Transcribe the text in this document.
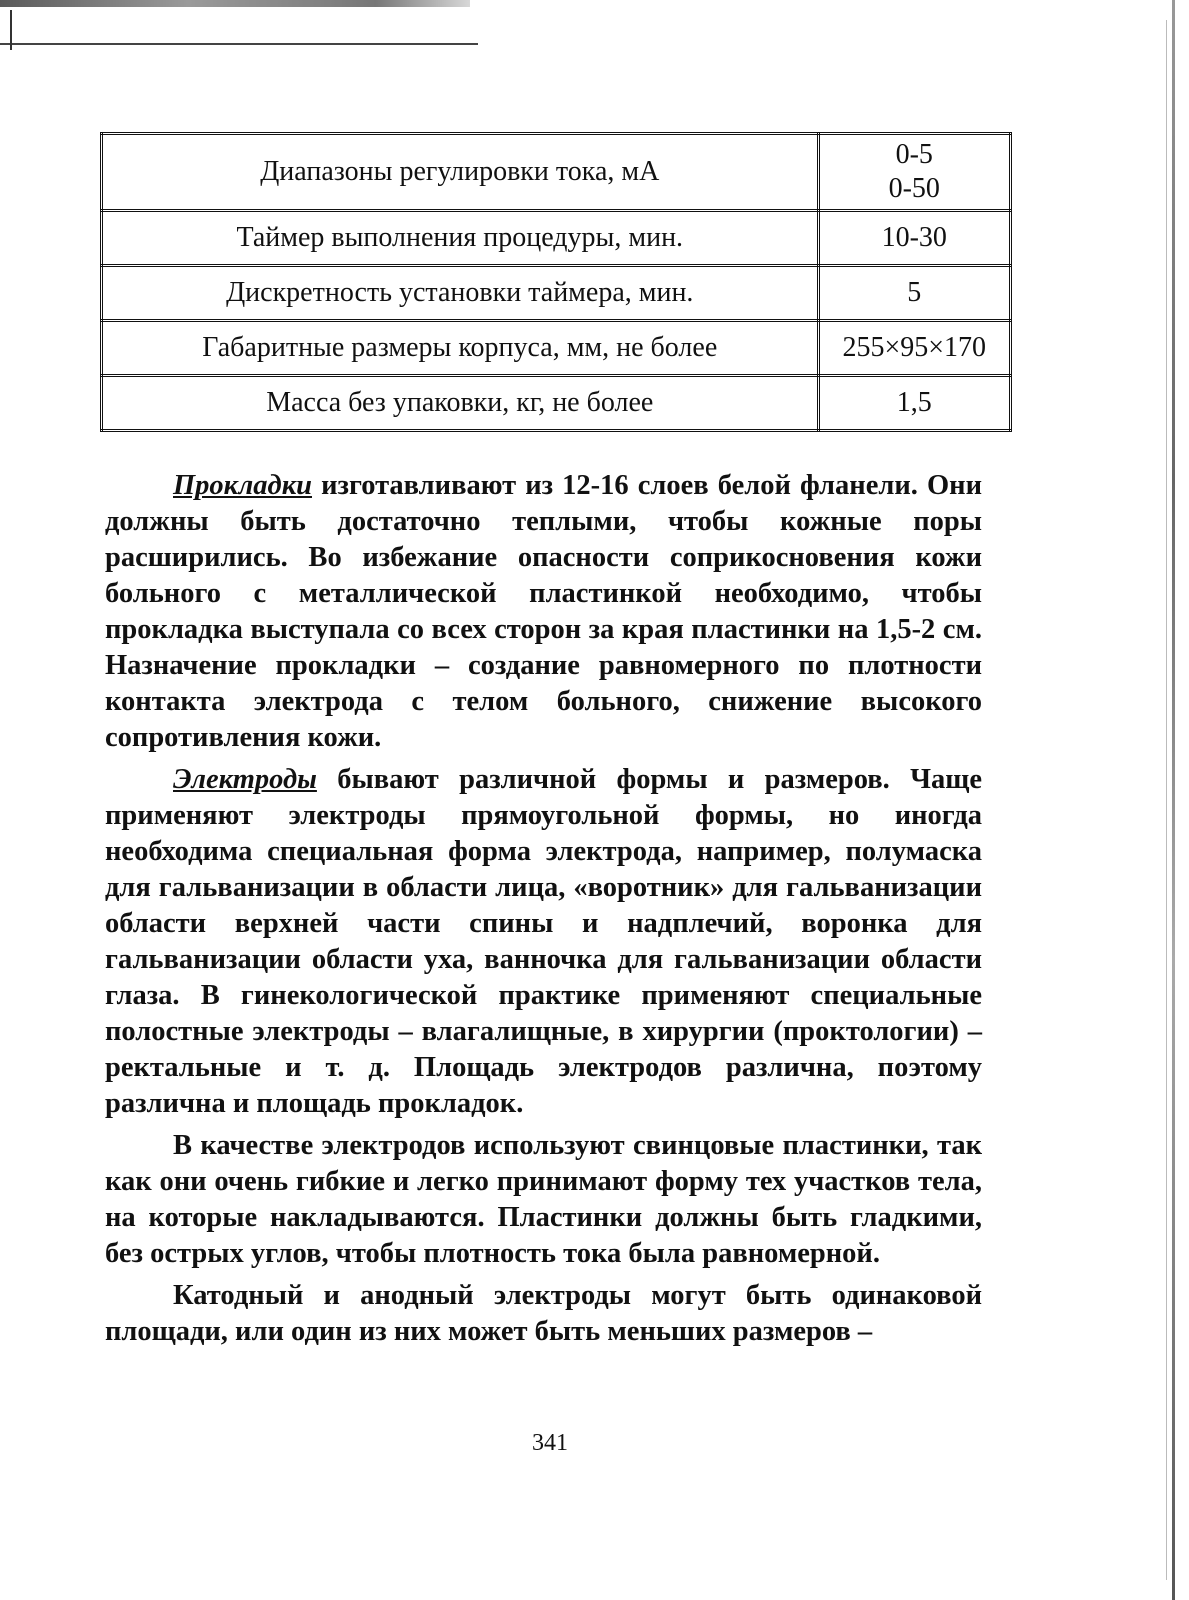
Диапазоны регулировки тока, мА	0-5
0-50

Таймер выполнения процедуры, мин.	10-30
Дискретность установки таймера, мин.	5
Габаритные размеры корпуса, мм, не более	255×95×170
Масса без упаковки, кг, не более	1,5

Прокладки изготавливают из 12-16 слоев белой фланели. Они должны быть достаточно теплыми, чтобы кожные поры расширились. Во избежание опасности соприкосновения кожи больного с металлической пластинкой необходимо, чтобы прокладка выступала со всех сторон за края пластинки на 1,5-2 см. Назначение прокладки – создание равномерного по плотности контакта электрода с телом больного, снижение высокого сопротивления кожи.

Электроды бывают различной формы и размеров. Чаще применяют электроды прямоугольной формы, но иногда необходима специальная форма электрода, например, полумаска для гальванизации в области лица, «воротник» для гальванизации области верхней части спины и надплечий, воронка для гальванизации области уха, ванночка для гальванизации области глаза. В гинекологической практике применяют специальные полостные электроды – влагалищные, в хирургии (проктологии) – ректальные и т. д. Площадь электродов различна, поэтому различна и площадь прокладок.

В качестве электродов используют свинцовые пластинки, так как они очень гибкие и легко принимают форму тех участков тела, на которые накладываются. Пластинки должны быть гладкими, без острых углов, чтобы плотность тока была равномерной.

Катодный и анодный электроды могут быть одинаковой площади, или один из них может быть меньших размеров –

341
